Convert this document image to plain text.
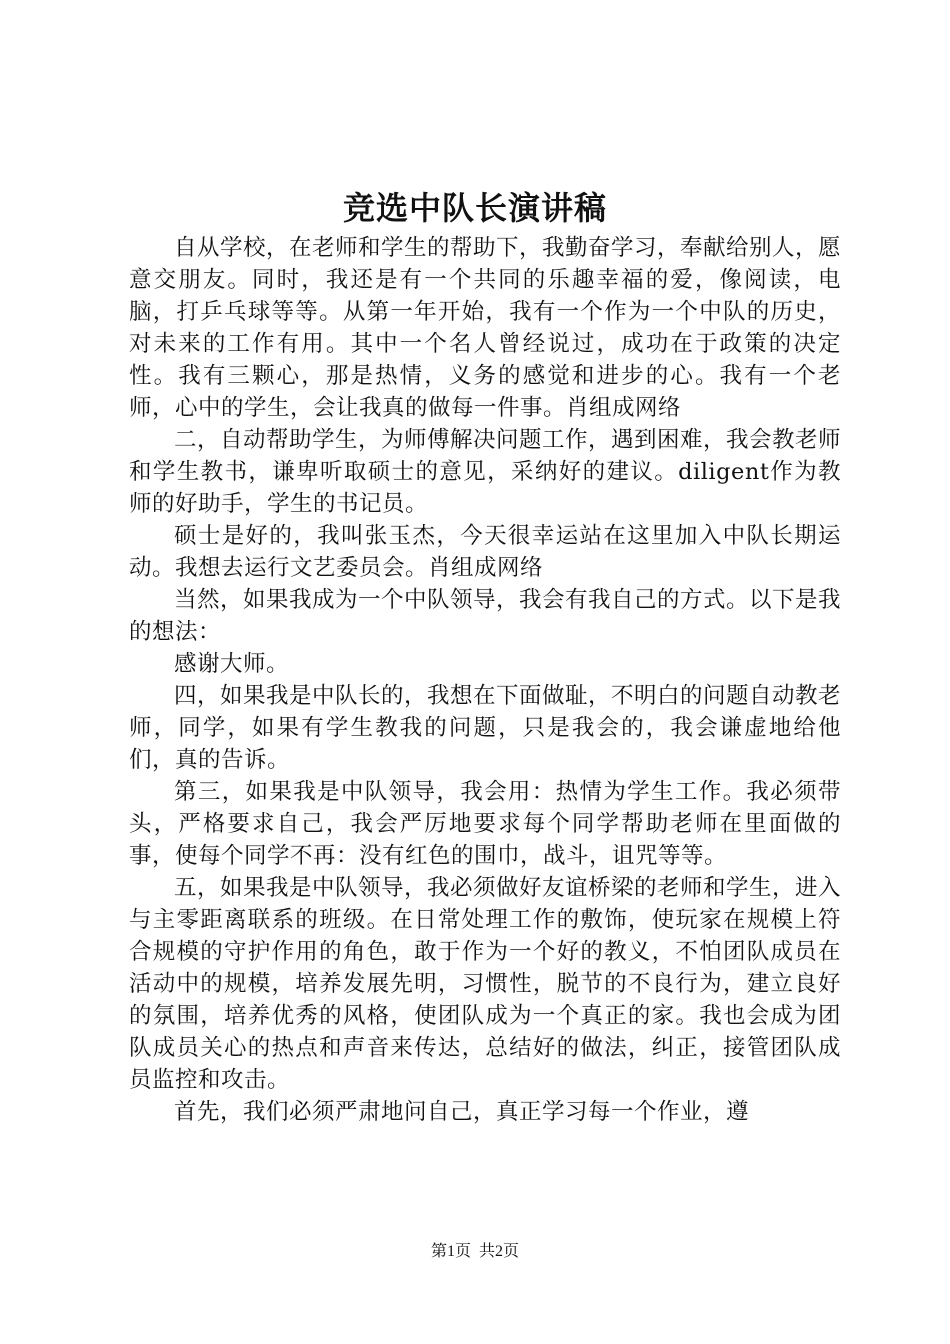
竞选中队长演讲稿

自从学校，在老师和学生的帮助下，我勤奋学习，奉献给别人，愿意交朋友。同时，我还是有一个共同的乐趣幸福的爱，像阅读，电脑，打乒乓球等等。从第一年开始，我有一个作为一个中队的历史，对未来的工作有用。其中一个名人曾经说过，成功在于政策的决定性。我有三颗心，那是热情，义务的感觉和进步的心。我有一个老师，心中的学生，会让我真的做每一件事。肖组成网络

二，自动帮助学生，为师傅解决问题工作，遇到困难，我会教老师和学生教书，谦卑听取硕士的意见，采纳好的建议。diligent作为教师的好助手，学生的书记员。

硕士是好的，我叫张玉杰，今天很幸运站在这里加入中队长期运动。我想去运行文艺委员会。肖组成网络

当然，如果我成为一个中队领导，我会有我自己的方式。以下是我的想法：

感谢大师。

四，如果我是中队长的，我想在下面做耻，不明白的问题自动教老师，同学，如果有学生教我的问题，只是我会的，我会谦虚地给他们，真的告诉。

第三，如果我是中队领导，我会用：热情为学生工作。我必须带头，严格要求自己，我会严厉地要求每个同学帮助老师在里面做的事，使每个同学不再：没有红色的围巾，战斗，诅咒等等。

五，如果我是中队领导，我必须做好友谊桥梁的老师和学生，进入与主零距离联系的班级。在日常处理工作的敷饰，使玩家在规模上符合规模的守护作用的角色，敢于作为一个好的教义，不怕团队成员在活动中的规模，培养发展先明，习惯性，脱节的不良行为，建立良好的氛围，培养优秀的风格，使团队成为一个真正的家。我也会成为团队成员关心的热点和声音来传达，总结好的做法，纠正，接管团队成员监控和攻击。

首先，我们必须严肃地问自己，真正学习每一个作业，遵

第1页 共2页
